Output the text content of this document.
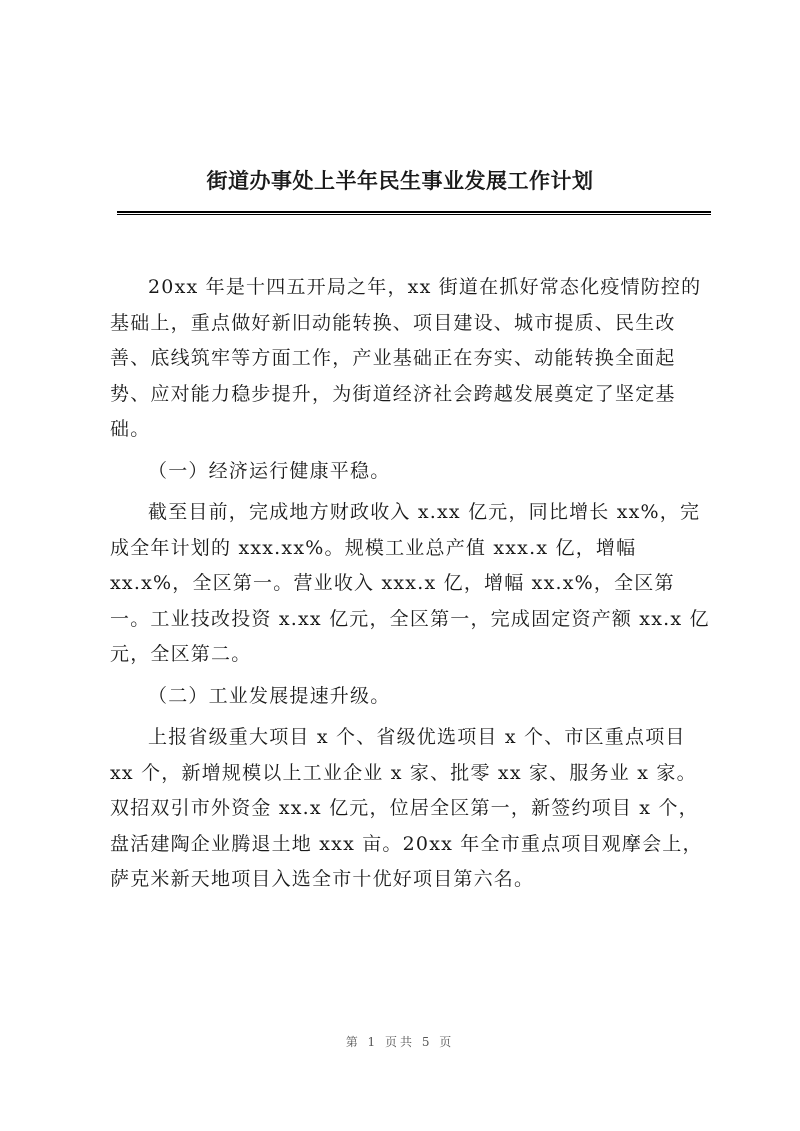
街道办事处上半年民生事业发展工作计划

20xx 年是十四五开局之年，xx 街道在抓好常态化疫情防控的基础上，重点做好新旧动能转换、项目建设、城市提质、民生改善、底线筑牢等方面工作，产业基础正在夯实、动能转换全面起势、应对能力稳步提升，为街道经济社会跨越发展奠定了坚定基础。

（一）经济运行健康平稳。

截至目前，完成地方财政收入 x.xx 亿元，同比增长 xx%，完成全年计划的 xxx.xx%。规模工业总产值 xxx.x 亿，增幅 xx.x%，全区第一。营业收入 xxx.x 亿，增幅 xx.x%，全区第一。工业技改投资 x.xx 亿元，全区第一，完成固定资产额 xx.x 亿元，全区第二。

（二）工业发展提速升级。

上报省级重大项目 x 个、省级优选项目 x 个、市区重点项目 xx 个，新增规模以上工业企业 x 家、批零 xx 家、服务业 x 家。双招双引市外资金 xx.x 亿元，位居全区第一，新签约项目 x 个，盘活建陶企业腾退土地 xxx 亩。20xx 年全市重点项目观摩会上，萨克米新天地项目入选全市十优好项目第六名。

第 1 页共 5 页
